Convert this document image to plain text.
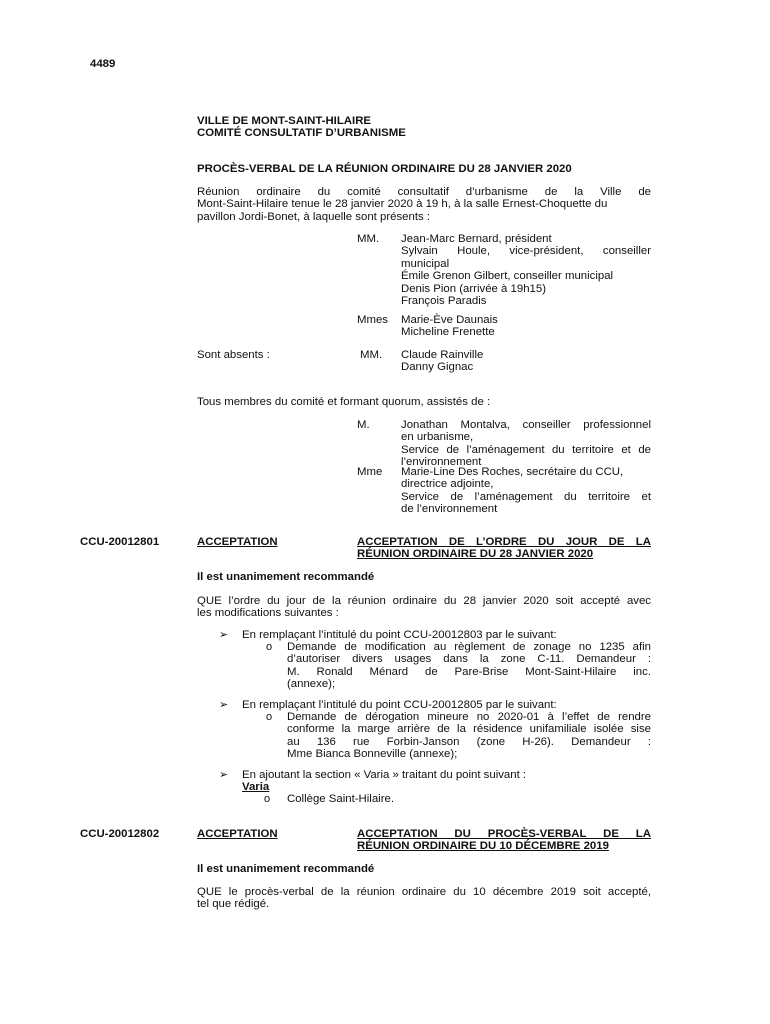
4489
VILLE DE MONT-SAINT-HILAIRE
COMITÉ CONSULTATIF D’URBANISME
PROCÈS-VERBAL DE LA RÉUNION ORDINAIRE DU 28 JANVIER 2020
Réunion ordinaire du comité consultatif d’urbanisme de la Ville de
Mont-Saint-Hilaire tenue le 28 janvier 2020 à 19 h, à la salle Ernest-Choquette du
pavillon Jordi-Bonet, à laquelle sont présents :
MM. Jean-Marc Bernard, président
Sylvain Houle, vice-président, conseiller
municipal
Émile Grenon Gilbert, conseiller municipal
Denis Pion (arrivée à 19h15)
François Paradis
Mmes Marie-Ève Daunais
Micheline Frenette
Sont absents :	MM. Claude Rainville
Danny Gignac
Tous membres du comité et formant quorum, assistés de :
M.	Jonathan Montalva, conseiller professionnel
en urbanisme,
Service de l’aménagement du territoire et de
l’environnement
Mme Marie-Line Des Roches, secrétaire du CCU,
directrice adjointe,
Service de l’aménagement du territoire et
de l’environnement
CCU-20012801	ACCEPTATION	ACCEPTATION DE L’ORDRE DU JOUR DE LA
RÉUNION ORDINAIRE DU 28 JANVIER 2020
Il est unanimement recommandé
QUE l’ordre du jour de la réunion ordinaire du 28 janvier 2020 soit accepté avec
les modifications suivantes :
➢ En remplaçant l’intitulé du point CCU-20012803 par le suivant:
o Demande de modification au règlement de zonage no 1235 afin
d’autoriser divers usages dans la zone C-11. Demandeur :
M. Ronald Ménard de Pare-Brise Mont-Saint-Hilaire inc.
(annexe);
➢ En remplaçant l’intitulé du point CCU-20012805 par le suivant:
o Demande de dérogation mineure no 2020-01 à l’effet de rendre
conforme la marge arrière de la résidence unifamiliale isolée sise
au 136 rue Forbin-Janson (zone H-26). Demandeur :
Mme Bianca Bonneville (annexe);
➢ En ajoutant la section « Varia » traitant du point suivant :
Varia
o Collège Saint-Hilaire.
CCU-20012802	ACCEPTATION	ACCEPTATION DU PROCÈS-VERBAL DE LA
RÉUNION ORDINAIRE DU 10 DÉCEMBRE 2019
Il est unanimement recommandé
QUE le procès-verbal de la réunion ordinaire du 10 décembre 2019 soit accepté,
tel que rédigé.
